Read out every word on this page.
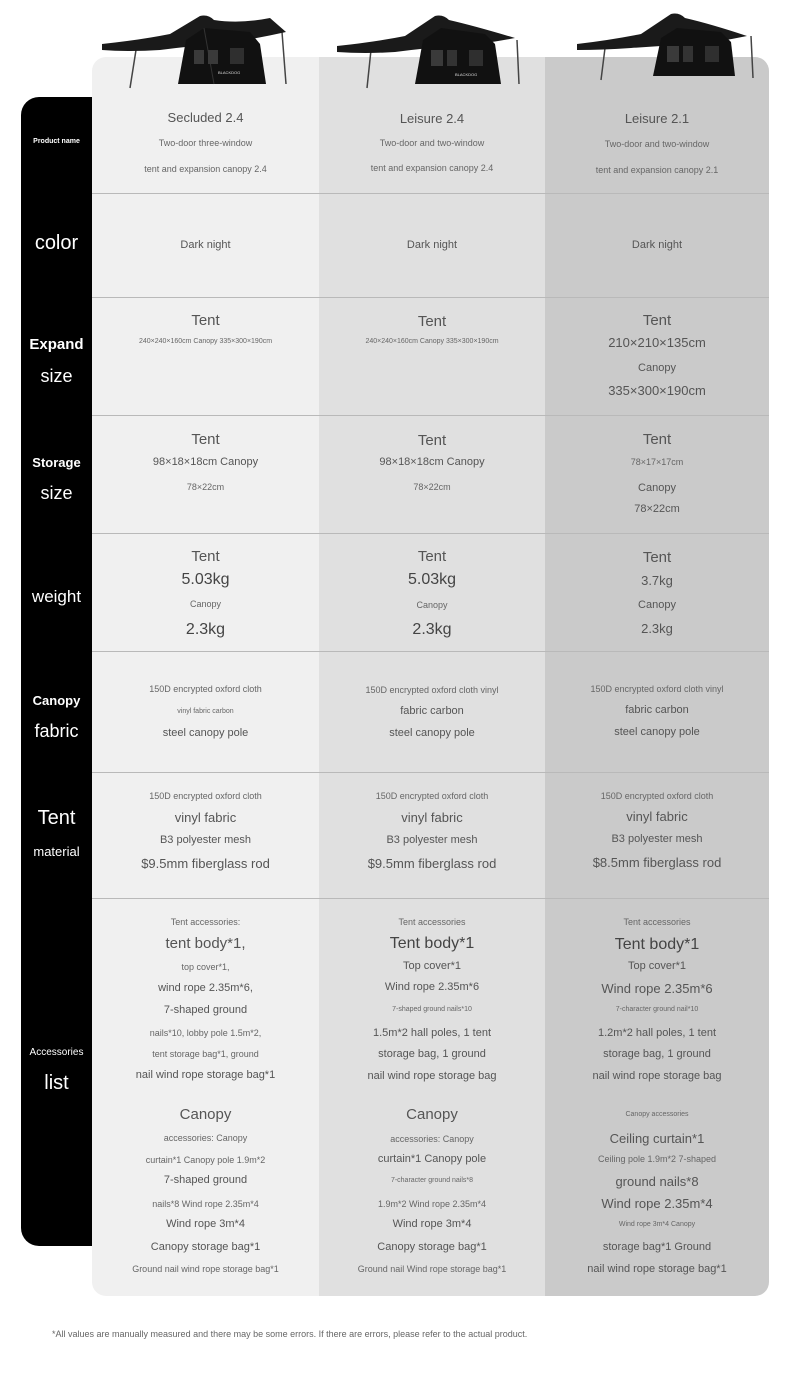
Product name
color
Expand
size
Storage
size
weight
Canopy
fabric
Tent
material
Accessories
list
Secluded 2.4
Two-door three-window
tent and expansion canopy 2.4
Dark night
Tent
240×240×160cm Canopy 335×300×190cm
Tent
98×18×18cm Canopy
78×22cm
Tent
5.03kg
Canopy
2.3kg
150D encrypted oxford cloth
vinyl fabric carbon
steel canopy pole
150D encrypted oxford cloth
vinyl fabric
B3 polyester mesh
$9.5mm fiberglass rod
Tent accessories:
tent body*1,
top cover*1,
wind rope 2.35m*6,
7-shaped ground
nails*10, lobby pole 1.5m*2,
tent storage bag*1, ground
nail wind rope storage bag*1
Canopy
accessories: Canopy
curtain*1 Canopy pole 1.9m*2
7-shaped ground
nails*8 Wind rope 2.35m*4
Wind rope 3m*4
Canopy storage bag*1
Ground nail wind rope storage bag*1
Leisure 2.4
Two-door and two-window
tent and expansion canopy 2.4
Dark night
Tent
240×240×160cm Canopy 335×300×190cm
Tent
98×18×18cm Canopy
78×22cm
Tent
5.03kg
Canopy
2.3kg
150D encrypted oxford cloth vinyl
fabric carbon
steel canopy pole
150D encrypted oxford cloth
vinyl fabric
B3 polyester mesh
$9.5mm fiberglass rod
Tent accessories
Tent body*1
Top cover*1
Wind rope 2.35m*6
7-shaped ground nails*10
1.5m*2 hall poles, 1 tent
storage bag, 1 ground
nail wind rope storage bag
Canopy
accessories: Canopy
curtain*1 Canopy pole
7-character ground nails*8
1.9m*2 Wind rope 2.35m*4
Wind rope 3m*4
Canopy storage bag*1
Ground nail Wind rope storage bag*1
Leisure 2.1
Two-door and two-window
tent and expansion canopy 2.1
Dark night
Tent
210×210×135cm
Canopy
335×300×190cm
Tent
78×17×17cm
Canopy
78×22cm
Tent
3.7kg
Canopy
2.3kg
150D encrypted oxford cloth vinyl
fabric carbon
steel canopy pole
150D encrypted oxford cloth
vinyl fabric
B3 polyester mesh
$8.5mm fiberglass rod
Tent accessories
Tent body*1
Top cover*1
Wind rope 2.35m*6
7-character ground nail*10
1.2m*2 hall poles, 1 tent
storage bag, 1 ground
nail wind rope storage bag
Canopy accessories
Ceiling curtain*1
Ceiling pole 1.9m*2 7-shaped
ground nails*8
Wind rope 2.35m*4
Wind rope 3m*4 Canopy
storage bag*1 Ground
nail wind rope storage bag*1
BLACKDOG	BLACKDOG
*All values are manually measured and there may be some errors. If there are errors, please refer to the actual product.
